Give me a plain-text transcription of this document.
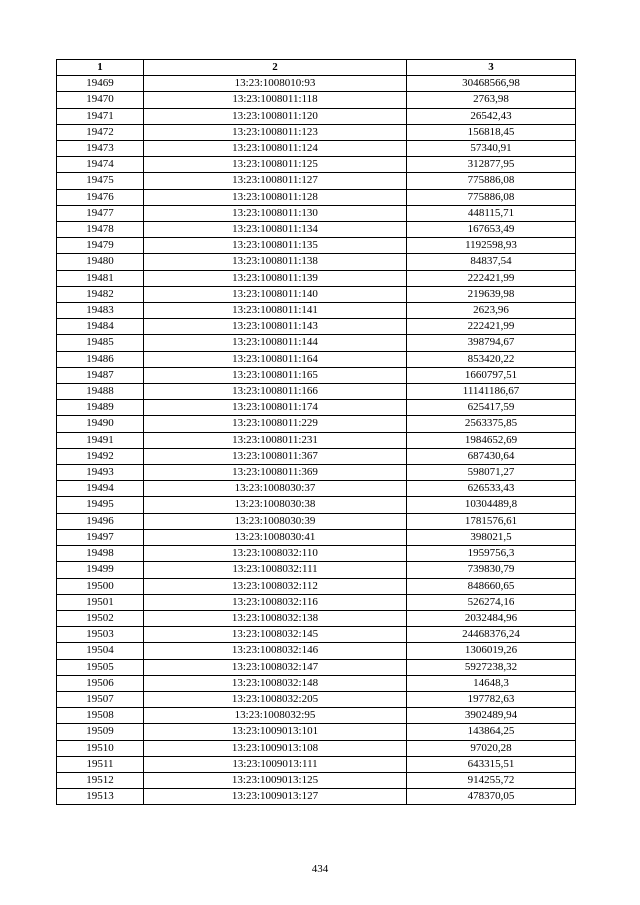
1	2	3
19469	13:23:1008010:93	30468566,98
19470	13:23:1008011:118	2763,98
19471	13:23:1008011:120	26542,43
19472	13:23:1008011:123	156818,45
19473	13:23:1008011:124	57340,91
19474	13:23:1008011:125	312877,95
19475	13:23:1008011:127	775886,08
19476	13:23:1008011:128	775886,08
19477	13:23:1008011:130	448115,71
19478	13:23:1008011:134	167653,49
19479	13:23:1008011:135	1192598,93
19480	13:23:1008011:138	84837,54
19481	13:23:1008011:139	222421,99
19482	13:23:1008011:140	219639,98
19483	13:23:1008011:141	2623,96
19484	13:23:1008011:143	222421,99
19485	13:23:1008011:144	398794,67
19486	13:23:1008011:164	853420,22
19487	13:23:1008011:165	1660797,51
19488	13:23:1008011:166	11141186,67
19489	13:23:1008011:174	625417,59
19490	13:23:1008011:229	2563375,85
19491	13:23:1008011:231	1984652,69
19492	13:23:1008011:367	687430,64
19493	13:23:1008011:369	598071,27
19494	13:23:1008030:37	626533,43
19495	13:23:1008030:38	10304489,8
19496	13:23:1008030:39	1781576,61
19497	13:23:1008030:41	398021,5
19498	13:23:1008032:110	1959756,3
19499	13:23:1008032:111	739830,79
19500	13:23:1008032:112	848660,65
19501	13:23:1008032:116	526274,16
19502	13:23:1008032:138	2032484,96
19503	13:23:1008032:145	24468376,24
19504	13:23:1008032:146	1306019,26
19505	13:23:1008032:147	5927238,32
19506	13:23:1008032:148	14648,3
19507	13:23:1008032:205	197782,63
19508	13:23:1008032:95	3902489,94
19509	13:23:1009013:101	143864,25
19510	13:23:1009013:108	97020,28
19511	13:23:1009013:111	643315,51
19512	13:23:1009013:125	914255,72
19513	13:23:1009013:127	478370,05
434
